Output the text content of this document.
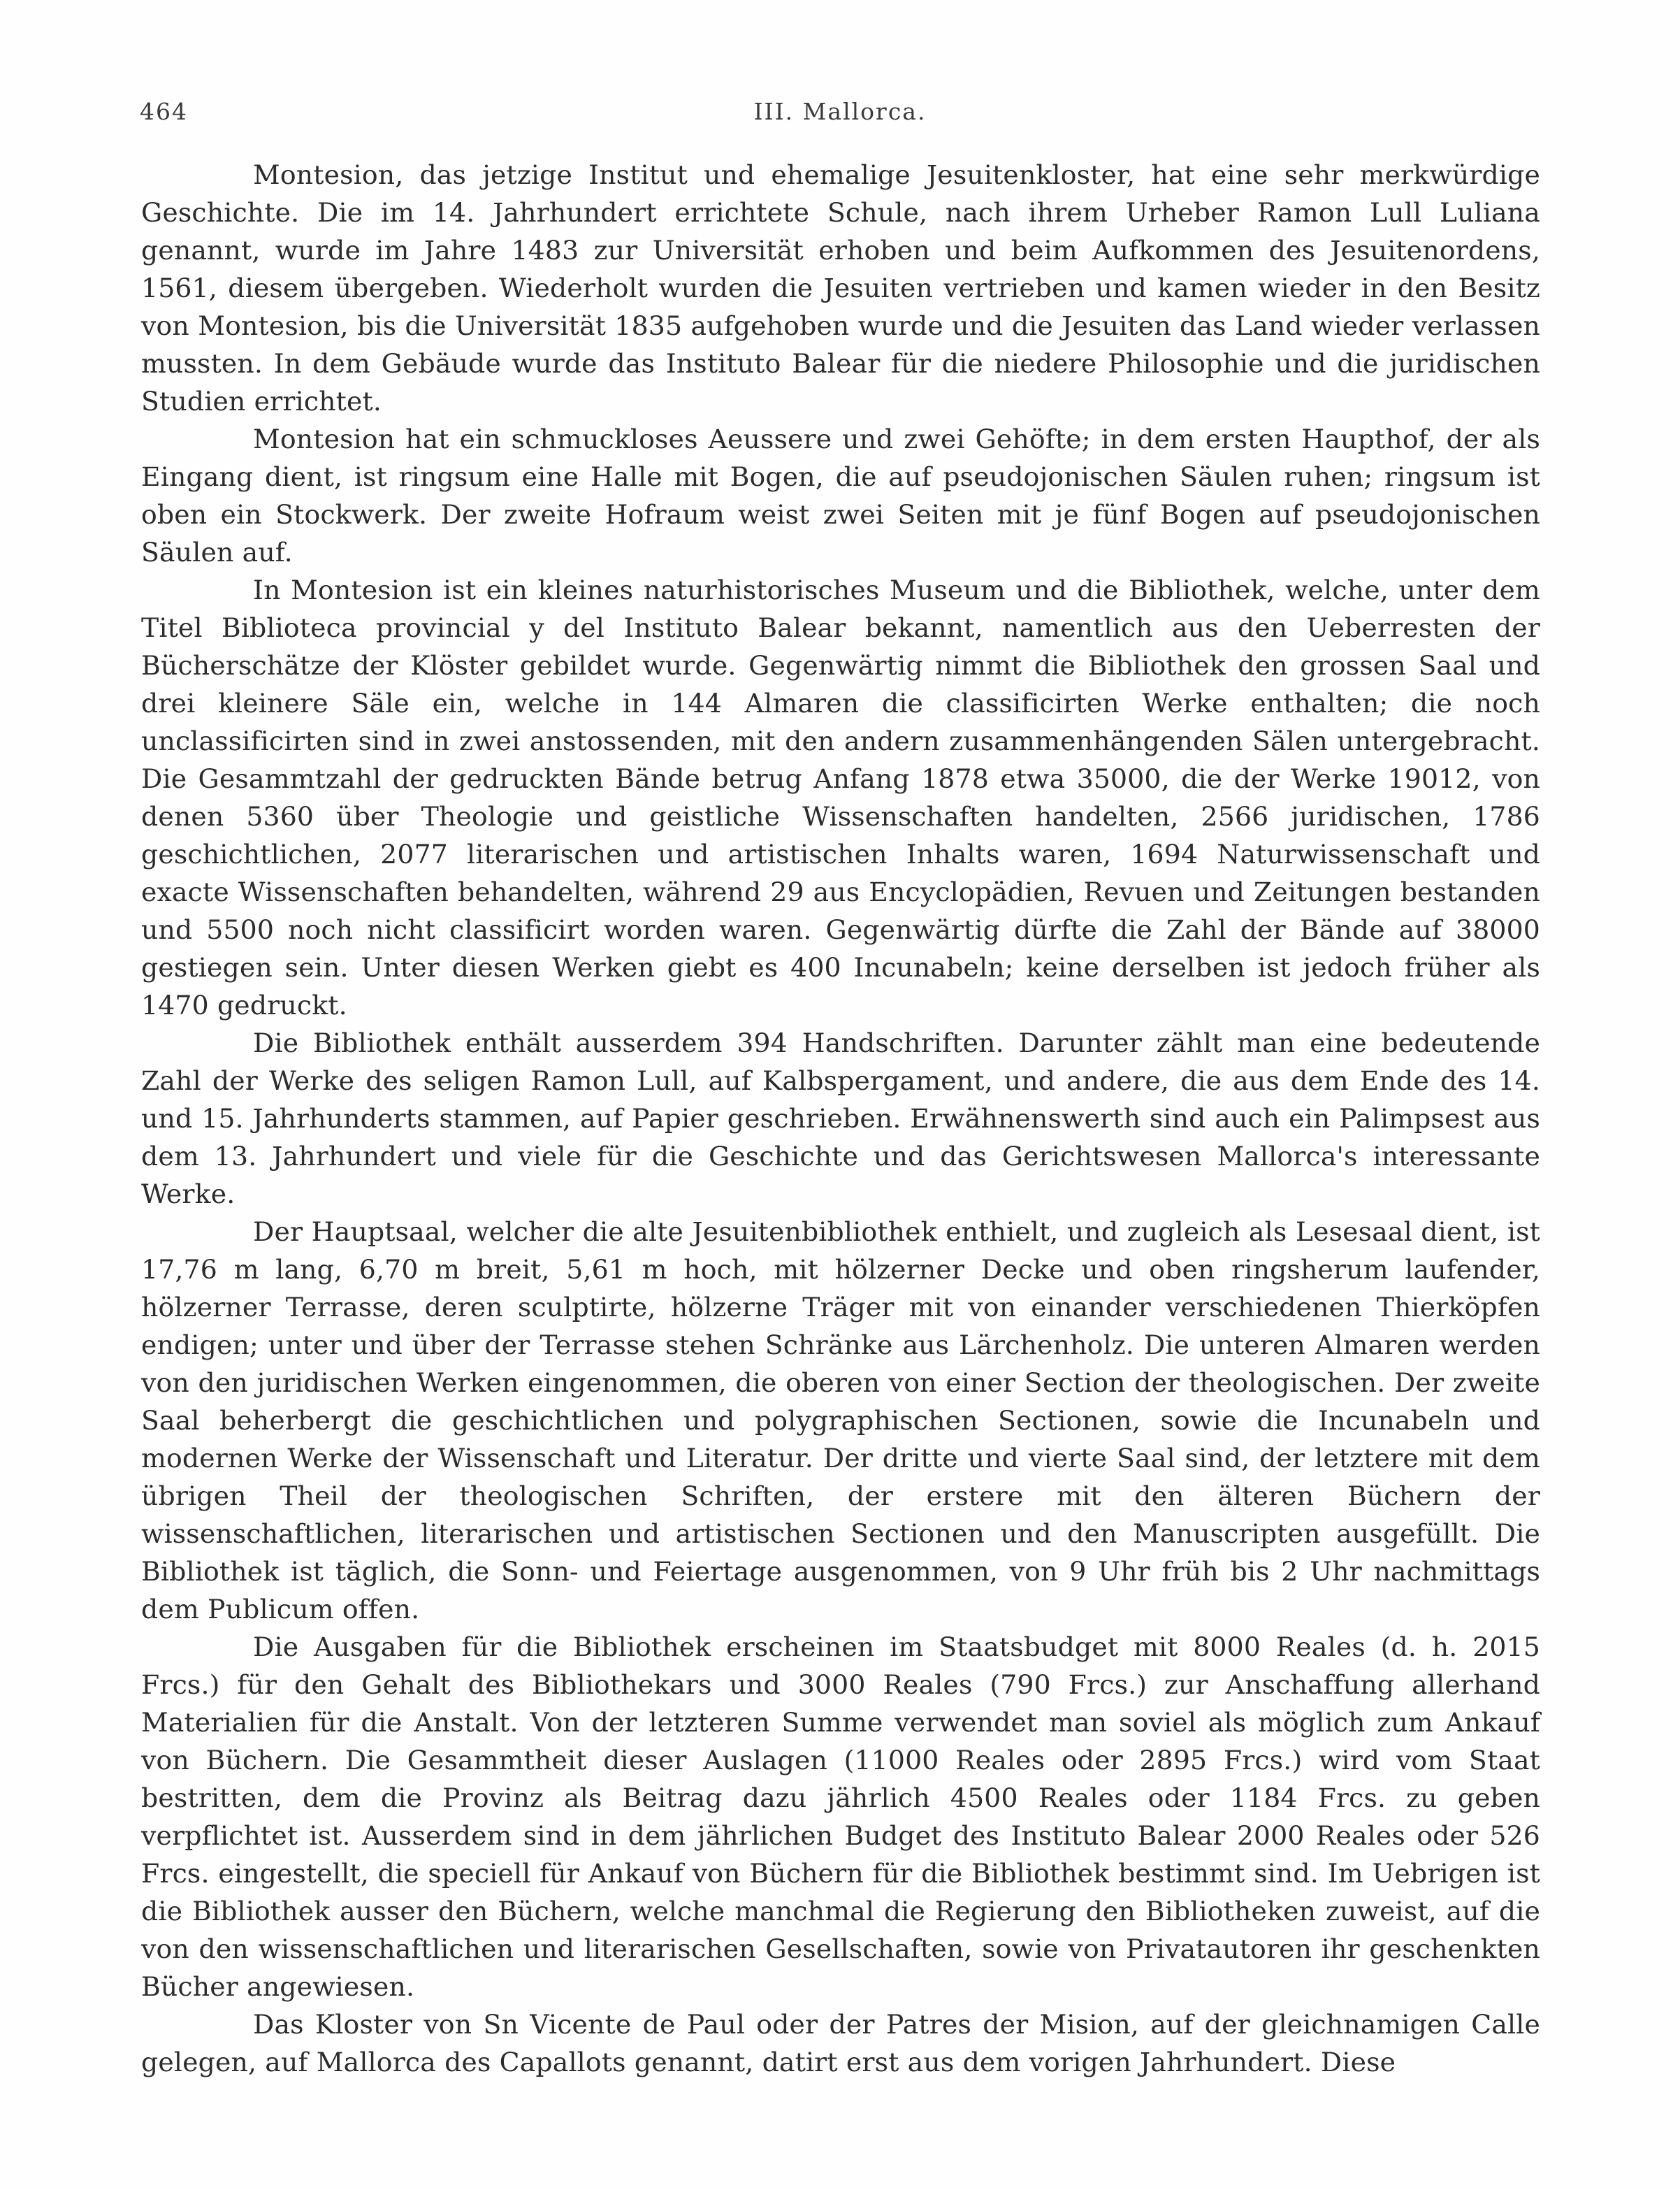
464	III. Mallorca.

Montesion, das jetzige Institut und ehemalige Jesuitenkloster, hat eine sehr merkwürdige Geschichte. Die im 14. Jahrhundert errichtete Schule, nach ihrem Urheber Ramon Lull Luliana genannt, wurde im Jahre 1483 zur Universität erhoben und beim Aufkommen des Jesuitenordens, 1561, diesem übergeben. Wiederholt wurden die Jesuiten vertrieben und kamen wieder in den Besitz von Montesion, bis die Universität 1835 aufgehoben wurde und die Jesuiten das Land wieder verlassen mussten. In dem Gebäude wurde das Instituto Balear für die niedere Philosophie und die juridischen Studien errichtet.

Montesion hat ein schmuckloses Aeussere und zwei Gehöfte; in dem ersten Haupthof, der als Eingang dient, ist ringsum eine Halle mit Bogen, die auf pseudojonischen Säulen ruhen; ringsum ist oben ein Stockwerk. Der zweite Hofraum weist zwei Seiten mit je fünf Bogen auf pseudojonischen Säulen auf.

In Montesion ist ein kleines naturhistorisches Museum und die Bibliothek, welche, unter dem Titel Biblioteca provincial y del Instituto Balear bekannt, namentlich aus den Ueberresten der Bücherschätze der Klöster gebildet wurde. Gegenwärtig nimmt die Bibliothek den grossen Saal und drei kleinere Säle ein, welche in 144 Almaren die classificirten Werke enthalten; die noch unclassificirten sind in zwei anstossenden, mit den andern zusammenhängenden Sälen untergebracht. Die Gesammtzahl der gedruckten Bände betrug Anfang 1878 etwa 35000, die der Werke 19012, von denen 5360 über Theologie und geistliche Wissenschaften handelten, 2566 juridischen, 1786 geschichtlichen, 2077 literarischen und artistischen Inhalts waren, 1694 Naturwissenschaft und exacte Wissenschaften behandelten, während 29 aus Encyclopädien, Revuen und Zeitungen bestanden und 5500 noch nicht classificirt worden waren. Gegenwärtig dürfte die Zahl der Bände auf 38000 gestiegen sein. Unter diesen Werken giebt es 400 Incunabeln; keine derselben ist jedoch früher als 1470 gedruckt.

Die Bibliothek enthält ausserdem 394 Handschriften. Darunter zählt man eine bedeutende Zahl der Werke des seligen Ramon Lull, auf Kalbspergament, und andere, die aus dem Ende des 14. und 15. Jahrhunderts stammen, auf Papier geschrieben. Erwähnenswerth sind auch ein Palimpsest aus dem 13. Jahrhundert und viele für die Geschichte und das Gerichtswesen Mallorca's interessante Werke.

Der Hauptsaal, welcher die alte Jesuitenbibliothek enthielt, und zugleich als Lesesaal dient, ist 17,76 m lang, 6,70 m breit, 5,61 m hoch, mit hölzerner Decke und oben ringsherum laufender, hölzerner Terrasse, deren sculptirte, hölzerne Träger mit von einander verschiedenen Thierköpfen endigen; unter und über der Terrasse stehen Schränke aus Lärchenholz. Die unteren Almaren werden von den juridischen Werken eingenommen, die oberen von einer Section der theologischen. Der zweite Saal beherbergt die geschichtlichen und polygraphischen Sectionen, sowie die Incunabeln und modernen Werke der Wissenschaft und Literatur. Der dritte und vierte Saal sind, der letztere mit dem übrigen Theil der theologischen Schriften, der erstere mit den älteren Büchern der wissenschaftlichen, literarischen und artistischen Sectionen und den Manuscripten ausgefüllt. Die Bibliothek ist täglich, die Sonn- und Feiertage ausgenommen, von 9 Uhr früh bis 2 Uhr nachmittags dem Publicum offen.

Die Ausgaben für die Bibliothek erscheinen im Staatsbudget mit 8000 Reales (d. h. 2015 Frcs.) für den Gehalt des Bibliothekars und 3000 Reales (790 Frcs.) zur Anschaffung allerhand Materialien für die Anstalt. Von der letzteren Summe verwendet man soviel als möglich zum Ankauf von Büchern. Die Gesammtheit dieser Auslagen (11000 Reales oder 2895 Frcs.) wird vom Staat bestritten, dem die Provinz als Beitrag dazu jährlich 4500 Reales oder 1184 Frcs. zu geben verpflichtet ist. Ausserdem sind in dem jährlichen Budget des Instituto Balear 2000 Reales oder 526 Frcs. eingestellt, die speciell für Ankauf von Büchern für die Bibliothek bestimmt sind. Im Uebrigen ist die Bibliothek ausser den Büchern, welche manchmal die Regierung den Bibliotheken zuweist, auf die von den wissenschaftlichen und literarischen Gesellschaften, sowie von Privatautoren ihr geschenkten Bücher angewiesen.

Das Kloster von Sn Vicente de Paul oder der Patres der Mision, auf der gleichnamigen Calle gelegen, auf Mallorca des Capallots genannt, datirt erst aus dem vorigen Jahrhundert. Diese
